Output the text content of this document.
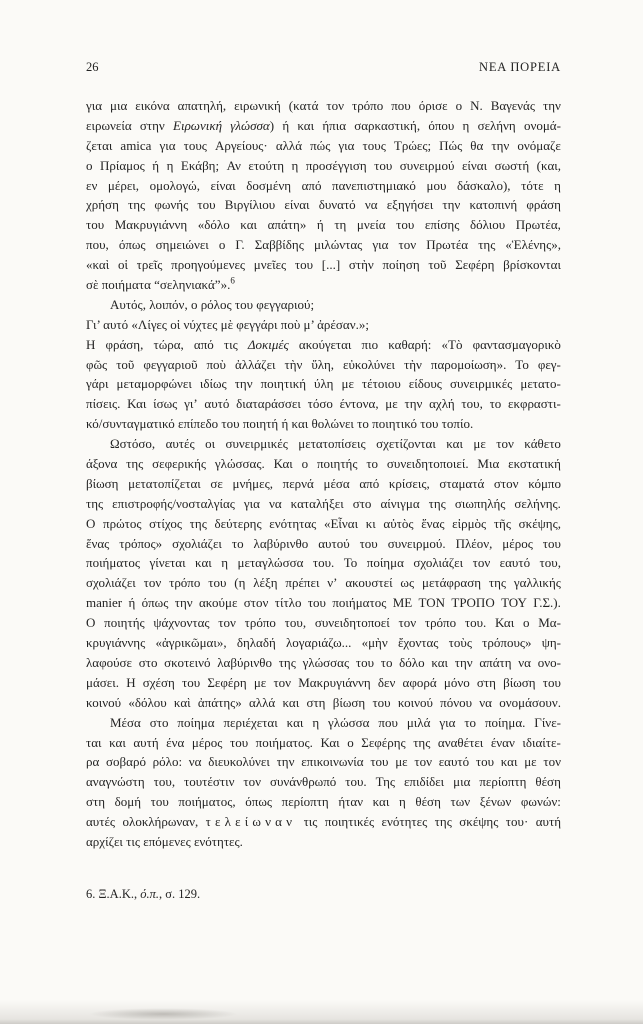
26	ΝΕΑ ΠΟΡΕΙΑ
για μια εικόνα απατηλή, ειρωνική (κατά τον τρόπο που όρισε ο Ν. Βαγενάς την
ειρωνεία στην Ειρωνική γλώσσα) ή και ήπια σαρκαστική, όπου η σελήνη ονομά-
ζεται amica για τους Αργείους· αλλά πώς για τους Τρώες; Πώς θα την ονόμαζε
ο Πρίαμος ή η Εκάβη; Αν ετούτη η προσέγγιση του συνειρμού είναι σωστή (και,
εν μέρει, ομολογώ, είναι δοσμένη από πανεπιστημιακό μου δάσκαλο), τότε η
χρήση της φωνής του Βιργίλιου είναι δυνατό να εξηγήσει την κατοπινή φράση
του Μακρυγιάννη «δόλο και απάτη» ή τη μνεία του επίσης δόλιου Πρωτέα,
που, όπως σημειώνει ο Γ. Σαββίδης μιλώντας για τον Πρωτέα της «Ἑλένης»,
«καὶ οἱ τρεῖς προηγούμενες μνεῖες του [...] στὴν ποίηση τοῦ Σεφέρη βρίσκονται
σὲ ποιήματα “σεληνιακά”».$^6$
Αυτός, λοιπόν, ο ρόλος του φεγγαριού;
Γι’ αυτό «Λίγες οἱ νύχτες μὲ φεγγάρι ποὺ μ’ ἀρέσαν.»;
Η φράση, τώρα, από τις Δοκιμές ακούγεται πιο καθαρή: «Τὸ φαντασμαγορικὸ
φῶς τοῦ φεγγαριοῦ ποὺ ἀλλάζει τὴν ὕλη, εὐκολύνει τὴν παρομοίωση». Το φεγ-
γάρι μεταμορφώνει ιδίως την ποιητική ύλη με τέτοιου είδους συνειρμικές μετατο-
πίσεις. Και ίσως γι’ αυτό διαταράσσει τόσο έντονα, με την αχλή του, το εκφραστι-
κό/συνταγματικό επίπεδο του ποιητή ή και θολώνει το ποιητικό του τοπίο.
Ωστόσο, αυτές οι συνειρμικές μετατοπίσεις σχετίζονται και με τον κάθετο
άξονα της σεφερικής γλώσσας. Και ο ποιητής το συνειδητοποιεί. Μια εκστατική
βίωση μετατοπίζεται σε μνήμες, περνά μέσα από κρίσεις, σταματά στον κόμπο
της επιστροφής/νοσταλγίας για να καταλήξει στο αίνιγμα της σιωπηλής σελήνης.
Ο πρώτος στίχος της δεύτερης ενότητας «Εἶναι κι αὐτὸς ἕνας εἰρμὸς τῆς σκέψης,
ἕνας τρόπος» σχολιάζει το λαβύρινθο αυτού του συνειρμού. Πλέον, μέρος του
ποιήματος γίνεται και η μεταγλώσσα του. Το ποίημα σχολιάζει τον εαυτό του,
σχολιάζει τον τρόπο του (η λέξη πρέπει ν’ ακουστεί ως μετάφραση της γαλλικής
manier ή όπως την ακούμε στον τίτλο του ποιήματος ΜΕ ΤΟΝ ΤΡΟΠΟ ΤΟΥ Γ.Σ.).
Ο ποιητής ψάχνοντας τον τρόπο του, συνειδητοποεί τον τρόπο του. Και ο Μα-
κρυγιάννης «ἀγρικῶμαι», δηλαδή λογαριάζω... «μὴν ἔχοντας τοὺς τρόπους» ψη-
λαφούσε στο σκοτεινό λαβύρινθο της γλώσσας του το δόλο και την απάτη να ονο-
μάσει. Η σχέση του Σεφέρη με τον Μακρυγιάννη δεν αφορά μόνο στη βίωση του
κοινού «δόλου καὶ ἀπάτης» αλλά και στη βίωση του κοινού πόνου να ονομάσουν.
Μέσα στο ποίημα περιέχεται και η γλώσσα που μιλά για το ποίημα. Γίνε-
ται και αυτή ένα μέρος του ποιήματος. Και ο Σεφέρης της αναθέτει έναν ιδιαίτε-
ρα σοβαρό ρόλο: να διευκολύνει την επικοινωνία του με τον εαυτό του και με τον
αναγνώστη του, τουτέστιν τον συνάνθρωπό του. Της επιδίδει μια περίοπτη θέση
στη δομή του ποιήματος, όπως περίοπτη ήταν και η θέση των ξένων φωνών:
αυτές ολοκλήρωναν, τελείωναν τις ποιητικές ενότητες της σκέψης του· αυτή
αρχίζει τις επόμενες ενότητες.
6. Ξ.Α.Κ., ό.π., σ. 129.
